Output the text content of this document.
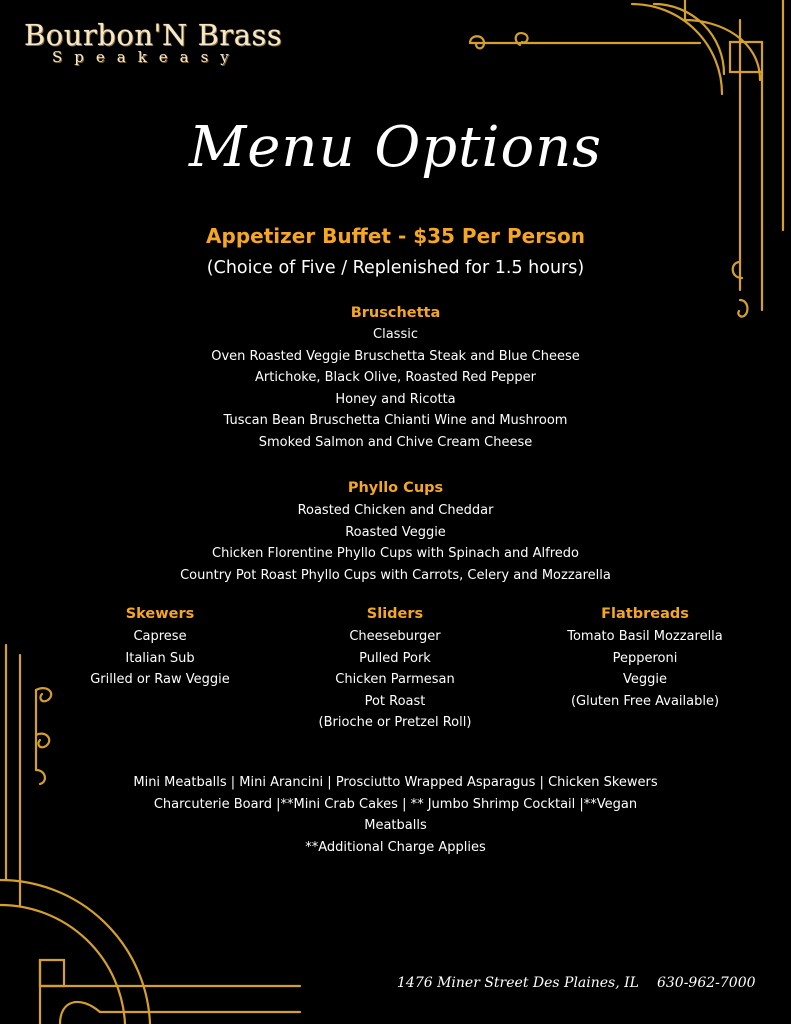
Bourbon'N Brass
Speakeasy
Menu Options
Appetizer Buffet - $35 Per Person
(Choice of Five / Replenished for 1.5 hours)
Bruschetta
Classic
Oven Roasted Veggie Bruschetta Steak and Blue Cheese
Artichoke, Black Olive, Roasted Red Pepper
Honey and Ricotta
Tuscan Bean Bruschetta Chianti Wine and Mushroom
Smoked Salmon and Chive Cream Cheese
Phyllo Cups
Roasted Chicken and Cheddar
Roasted Veggie
Chicken Florentine Phyllo Cups with Spinach and Alfredo
Country Pot Roast Phyllo Cups with Carrots, Celery and Mozzarella
Skewers
Caprese
Italian Sub
Grilled or Raw Veggie
Sliders
Cheeseburger
Pulled Pork
Chicken Parmesan
Pot Roast
(Brioche or Pretzel Roll)
Flatbreads
Tomato Basil Mozzarella
Pepperoni
Veggie
(Gluten Free Available)
Mini Meatballs | Mini Arancini | Prosciutto Wrapped Asparagus | Chicken Skewers
Charcuterie Board |**Mini Crab Cakes | ** Jumbo Shrimp Cocktail |**Vegan
Meatballs
**Additional Charge Applies
1476 Miner Street Des Plaines, IL 630-962-7000
